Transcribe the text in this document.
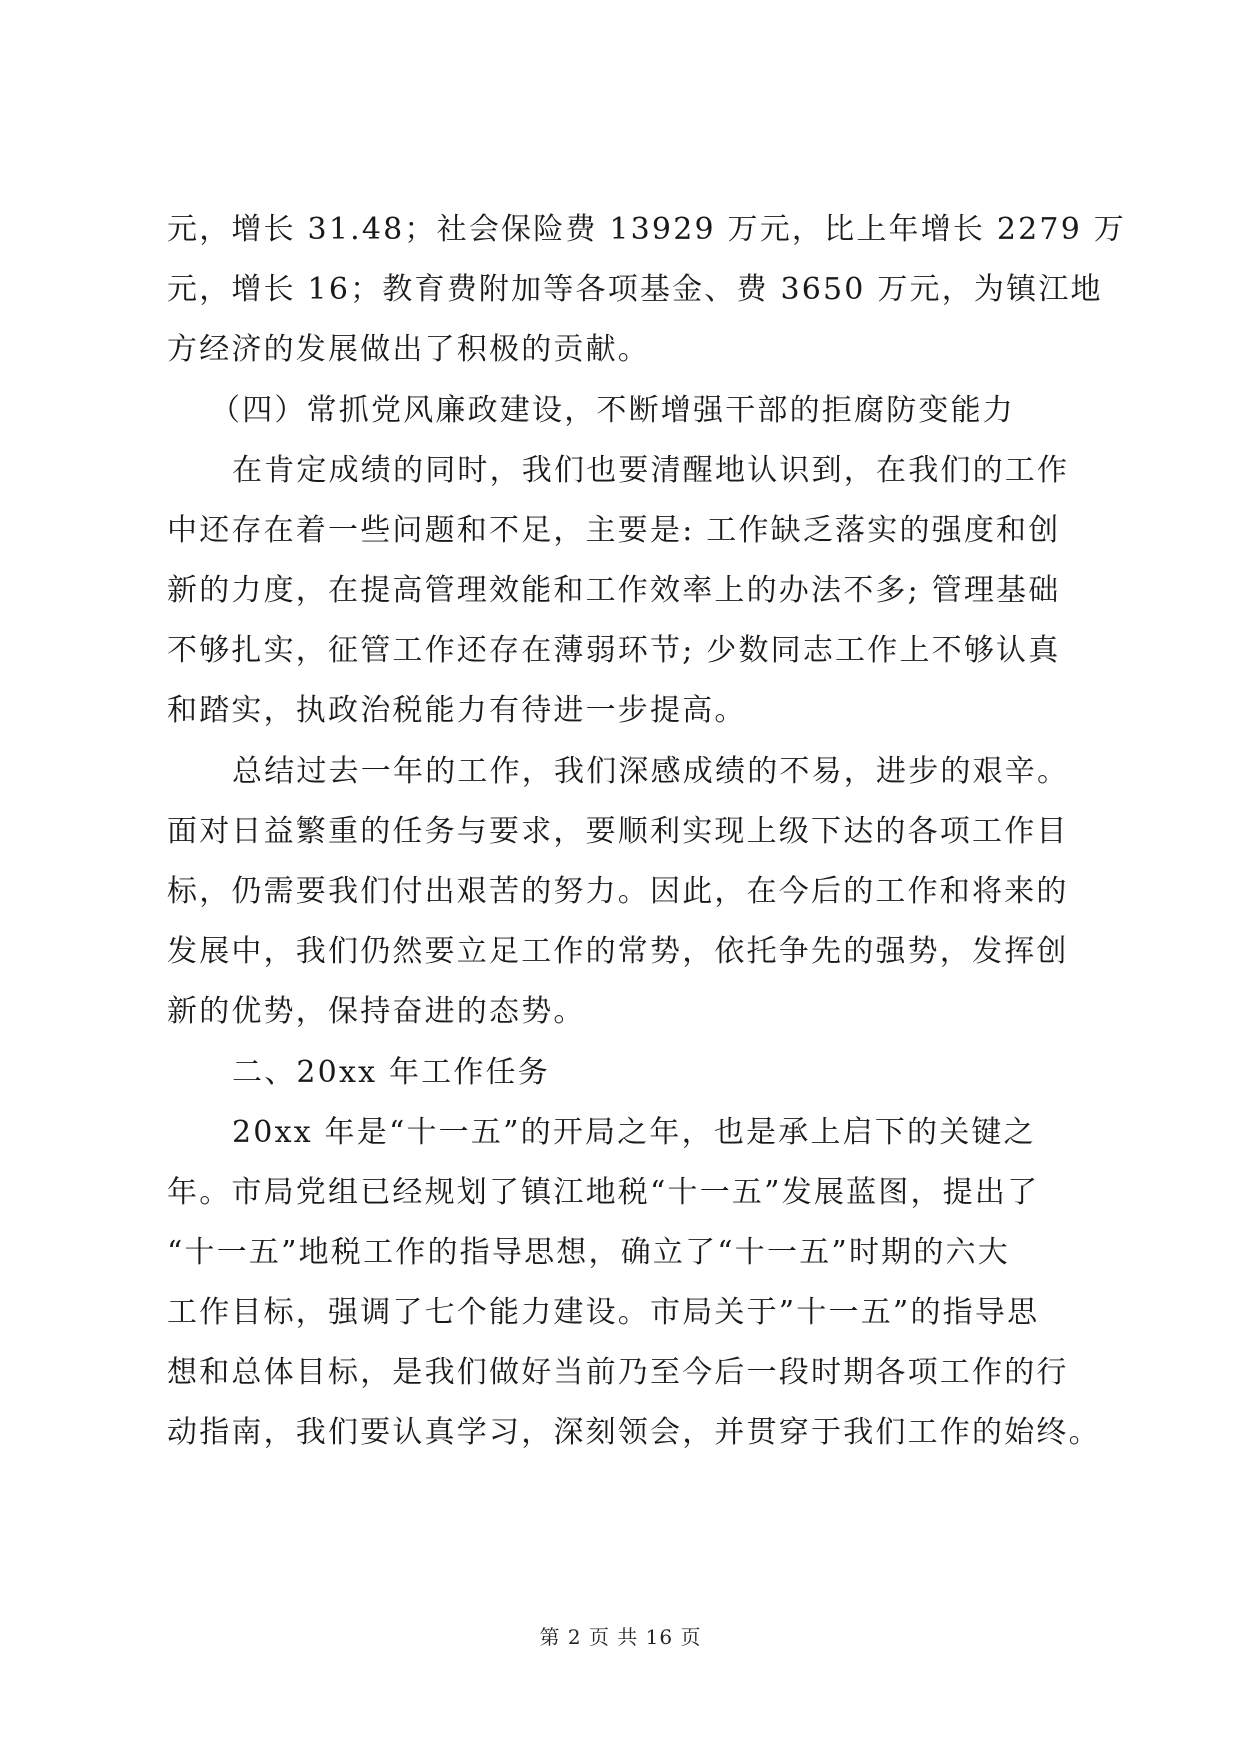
元，增长 31.48；社会保险费 13929 万元，比上年增长 2279 万
元，增长 16；教育费附加等各项基金、费 3650 万元，为镇江地
方经济的发展做出了积极的贡献。
（四）常抓党风廉政建设，不断增强干部的拒腐防变能力
在肯定成绩的同时，我们也要清醒地认识到，在我们的工作
中还存在着一些问题和不足，主要是: 工作缺乏落实的强度和创
新的力度，在提高管理效能和工作效率上的办法不多; 管理基础
不够扎实，征管工作还存在薄弱环节; 少数同志工作上不够认真
和踏实，执政治税能力有待进一步提高。
总结过去一年的工作，我们深感成绩的不易，进步的艰辛。
面对日益繁重的任务与要求，要顺利实现上级下达的各项工作目
标，仍需要我们付出艰苦的努力。因此，在今后的工作和将来的
发展中，我们仍然要立足工作的常势，依托争先的强势，发挥创
新的优势，保持奋进的态势。
二、20xx 年工作任务
20xx 年是“十一五”的开局之年，也是承上启下的关键之
年。市局党组已经规划了镇江地税“十一五”发展蓝图，提出了
“十一五”地税工作的指导思想，确立了“十一五”时期的六大
工作目标，强调了七个能力建设。市局关于”十一五”的指导思
想和总体目标，是我们做好当前乃至今后一段时期各项工作的行
动指南，我们要认真学习，深刻领会，并贯穿于我们工作的始终。
第 2 页 共 16 页
